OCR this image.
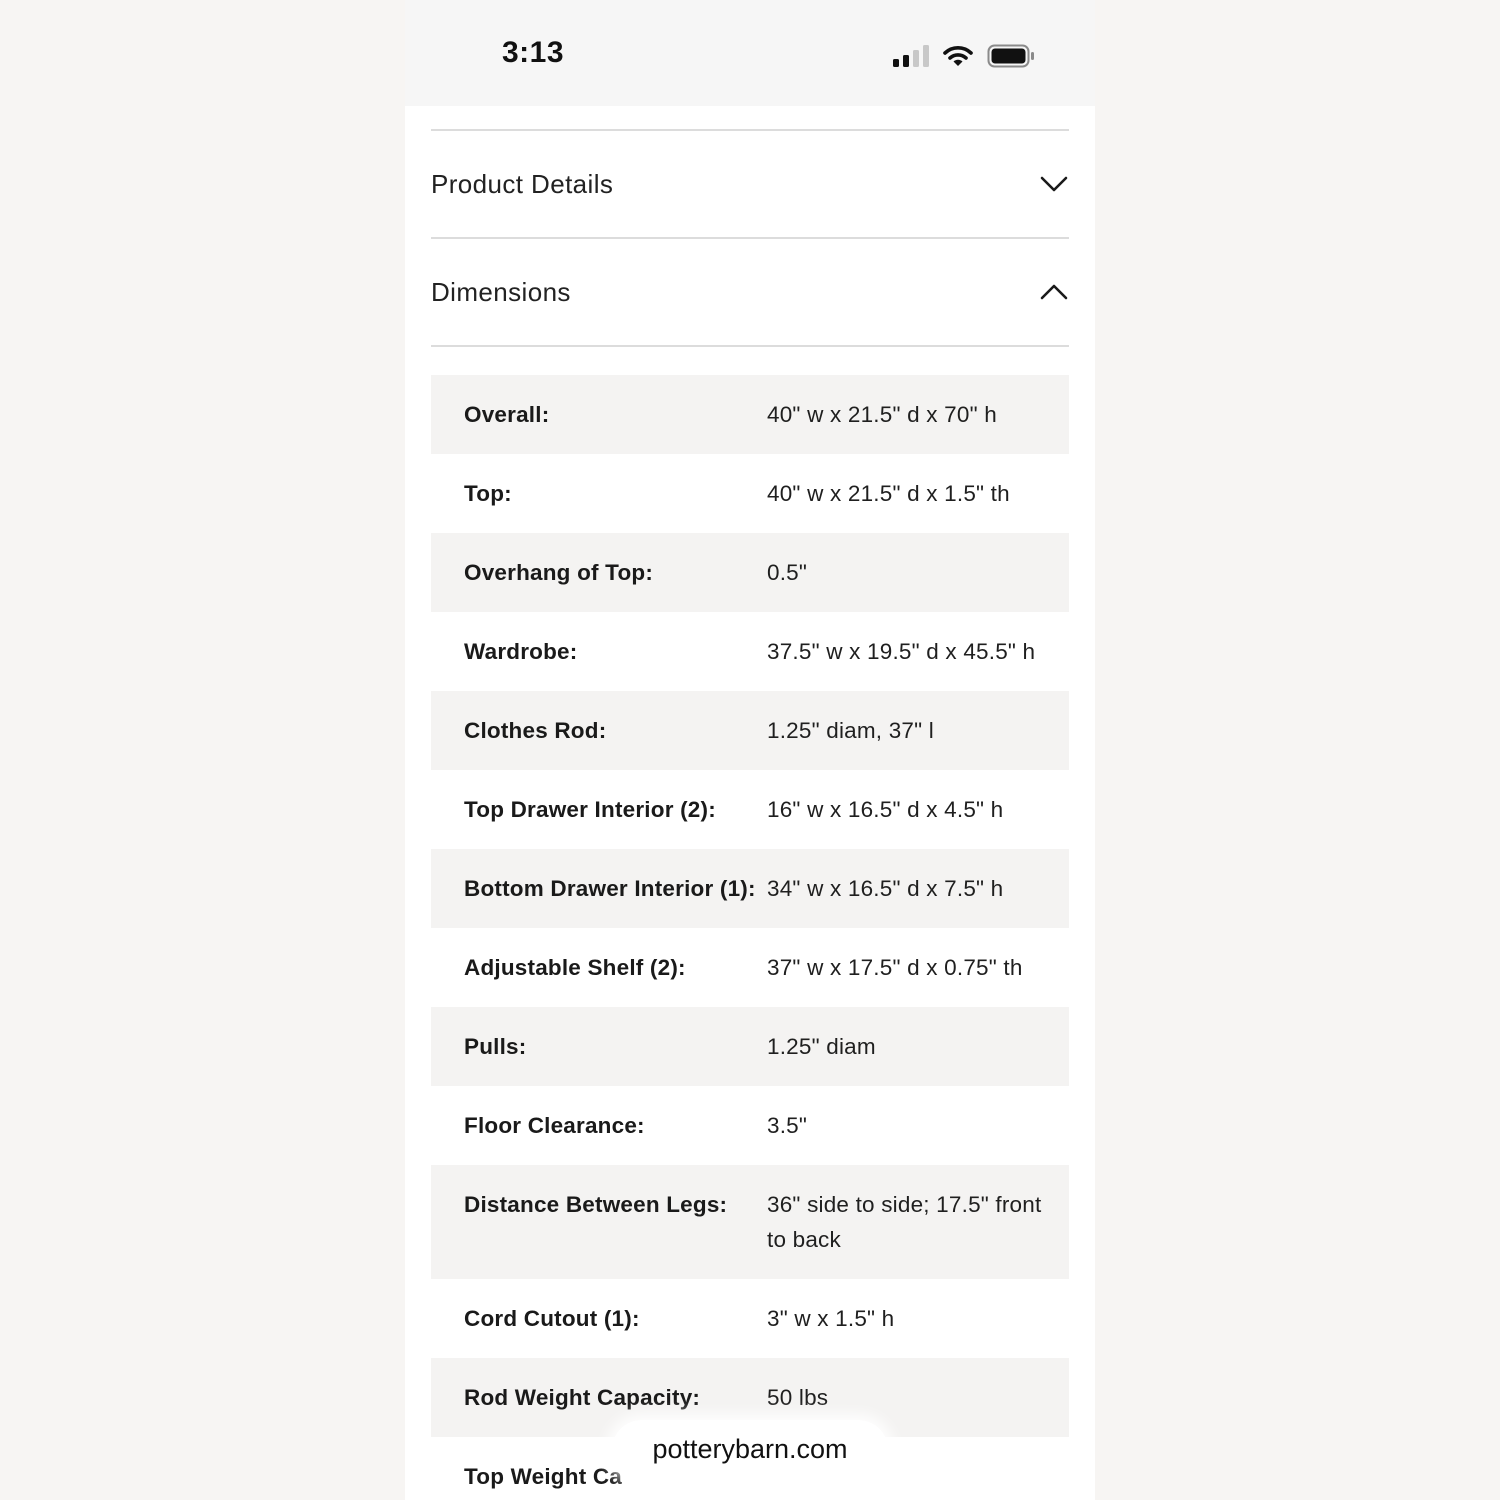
3:13
Product Details
Dimensions
Overall:	40" w x 21.5" d x 70" h
Top:	40" w x 21.5" d x 1.5" th
Overhang of Top:	0.5"
Wardrobe:	37.5" w x 19.5" d x 45.5" h
Clothes Rod:	1.25" diam, 37" l
Top Drawer Interior (2):	16" w x 16.5" d x 4.5" h
Bottom Drawer Interior (1): 34" w x 16.5" d x 7.5" h
Adjustable Shelf (2):	37" w x 17.5" d x 0.75" th
Pulls:	1.25" diam
Floor Clearance:	3.5"
Distance Between Legs:	36" side to side; 17.5" front to back
Cord Cutout (1):	3" w x 1.5" h
Rod Weight Capacity:	50 lbs
Top Weight Ca
potterybarn.com
